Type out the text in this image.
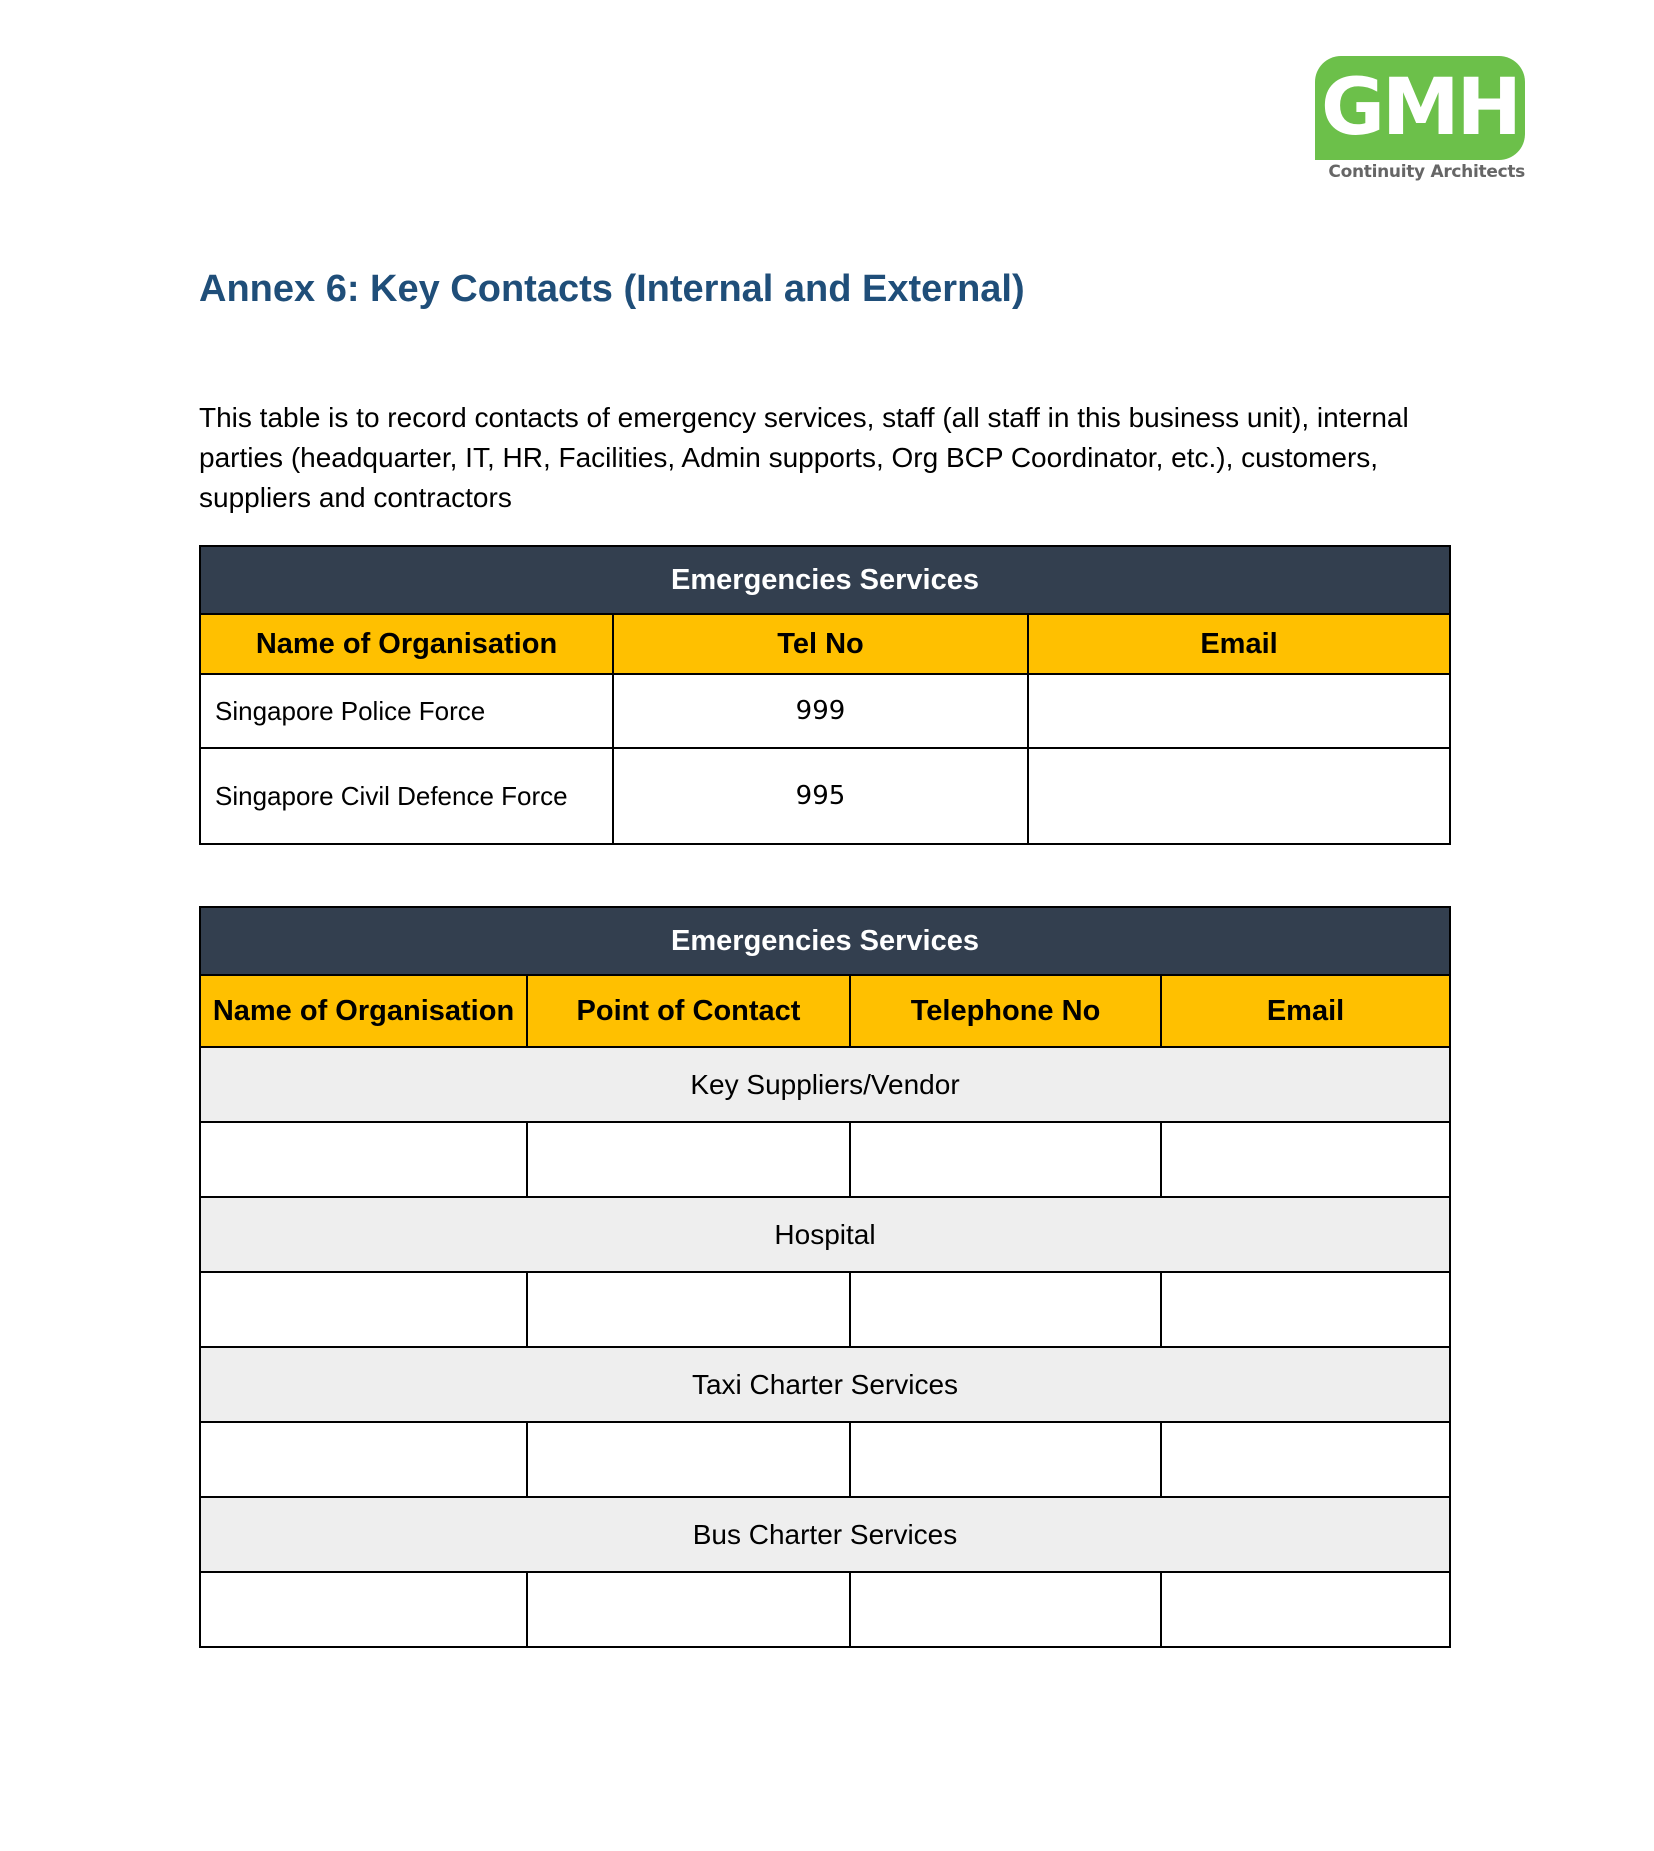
GMH
Continuity Architects
Annex 6: Key Contacts (Internal and External)

This table is to record contacts of emergency services, staff (all staff in this business unit), internal parties (headquarter, IT, HR, Facilities, Admin supports, Org BCP Coordinator, etc.), customers, suppliers and contractors

Emergencies Services		
Name of Organisation	Tel No	Email
Singapore Police Force	999	
Singapore Civil Defence Force	995	
Emergencies Services			
Name of Organisation	Point of Contact	Telephone No	Email
Key Suppliers/Vendor			

Hospital			

Taxi Charter Services			

Bus Charter Services			
